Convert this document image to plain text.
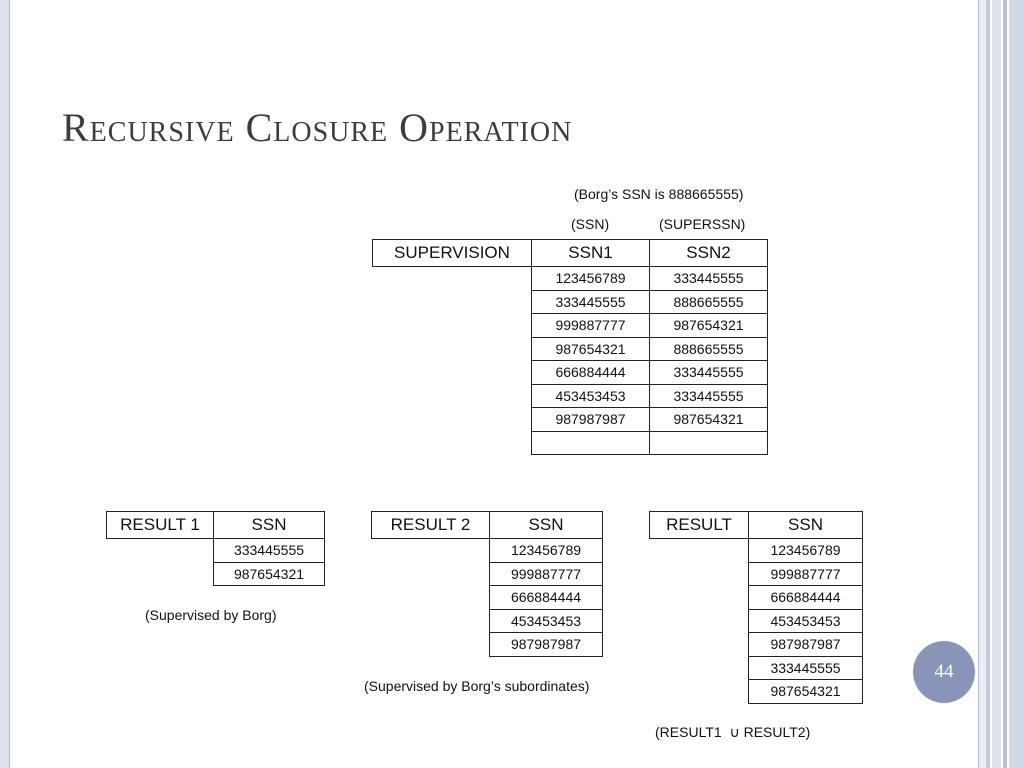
Recursive Closure Operation
(Borg’s SSN is 888665555)
(SSN)	(SUPERSSN)
SUPERVISION	SSN1	SSN2
	123456789	333445555
	333445555	888665555
	999887777	987654321
	987654321	888665555
	666884444	333445555
	453453453	333445555
	987987987	987654321

RESULT 1	SSN
	333445555
	987654321
(Supervised by Borg)
RESULT 2	SSN
	123456789
	999887777
	666884444
	453453453
	987987987
(Supervised by Borg’s subordinates)
RESULT	SSN
	123456789
	999887777
	666884444
	453453453
	987987987
	333445555
	987654321
(RESULT1 ∪ RESULT2)
44
